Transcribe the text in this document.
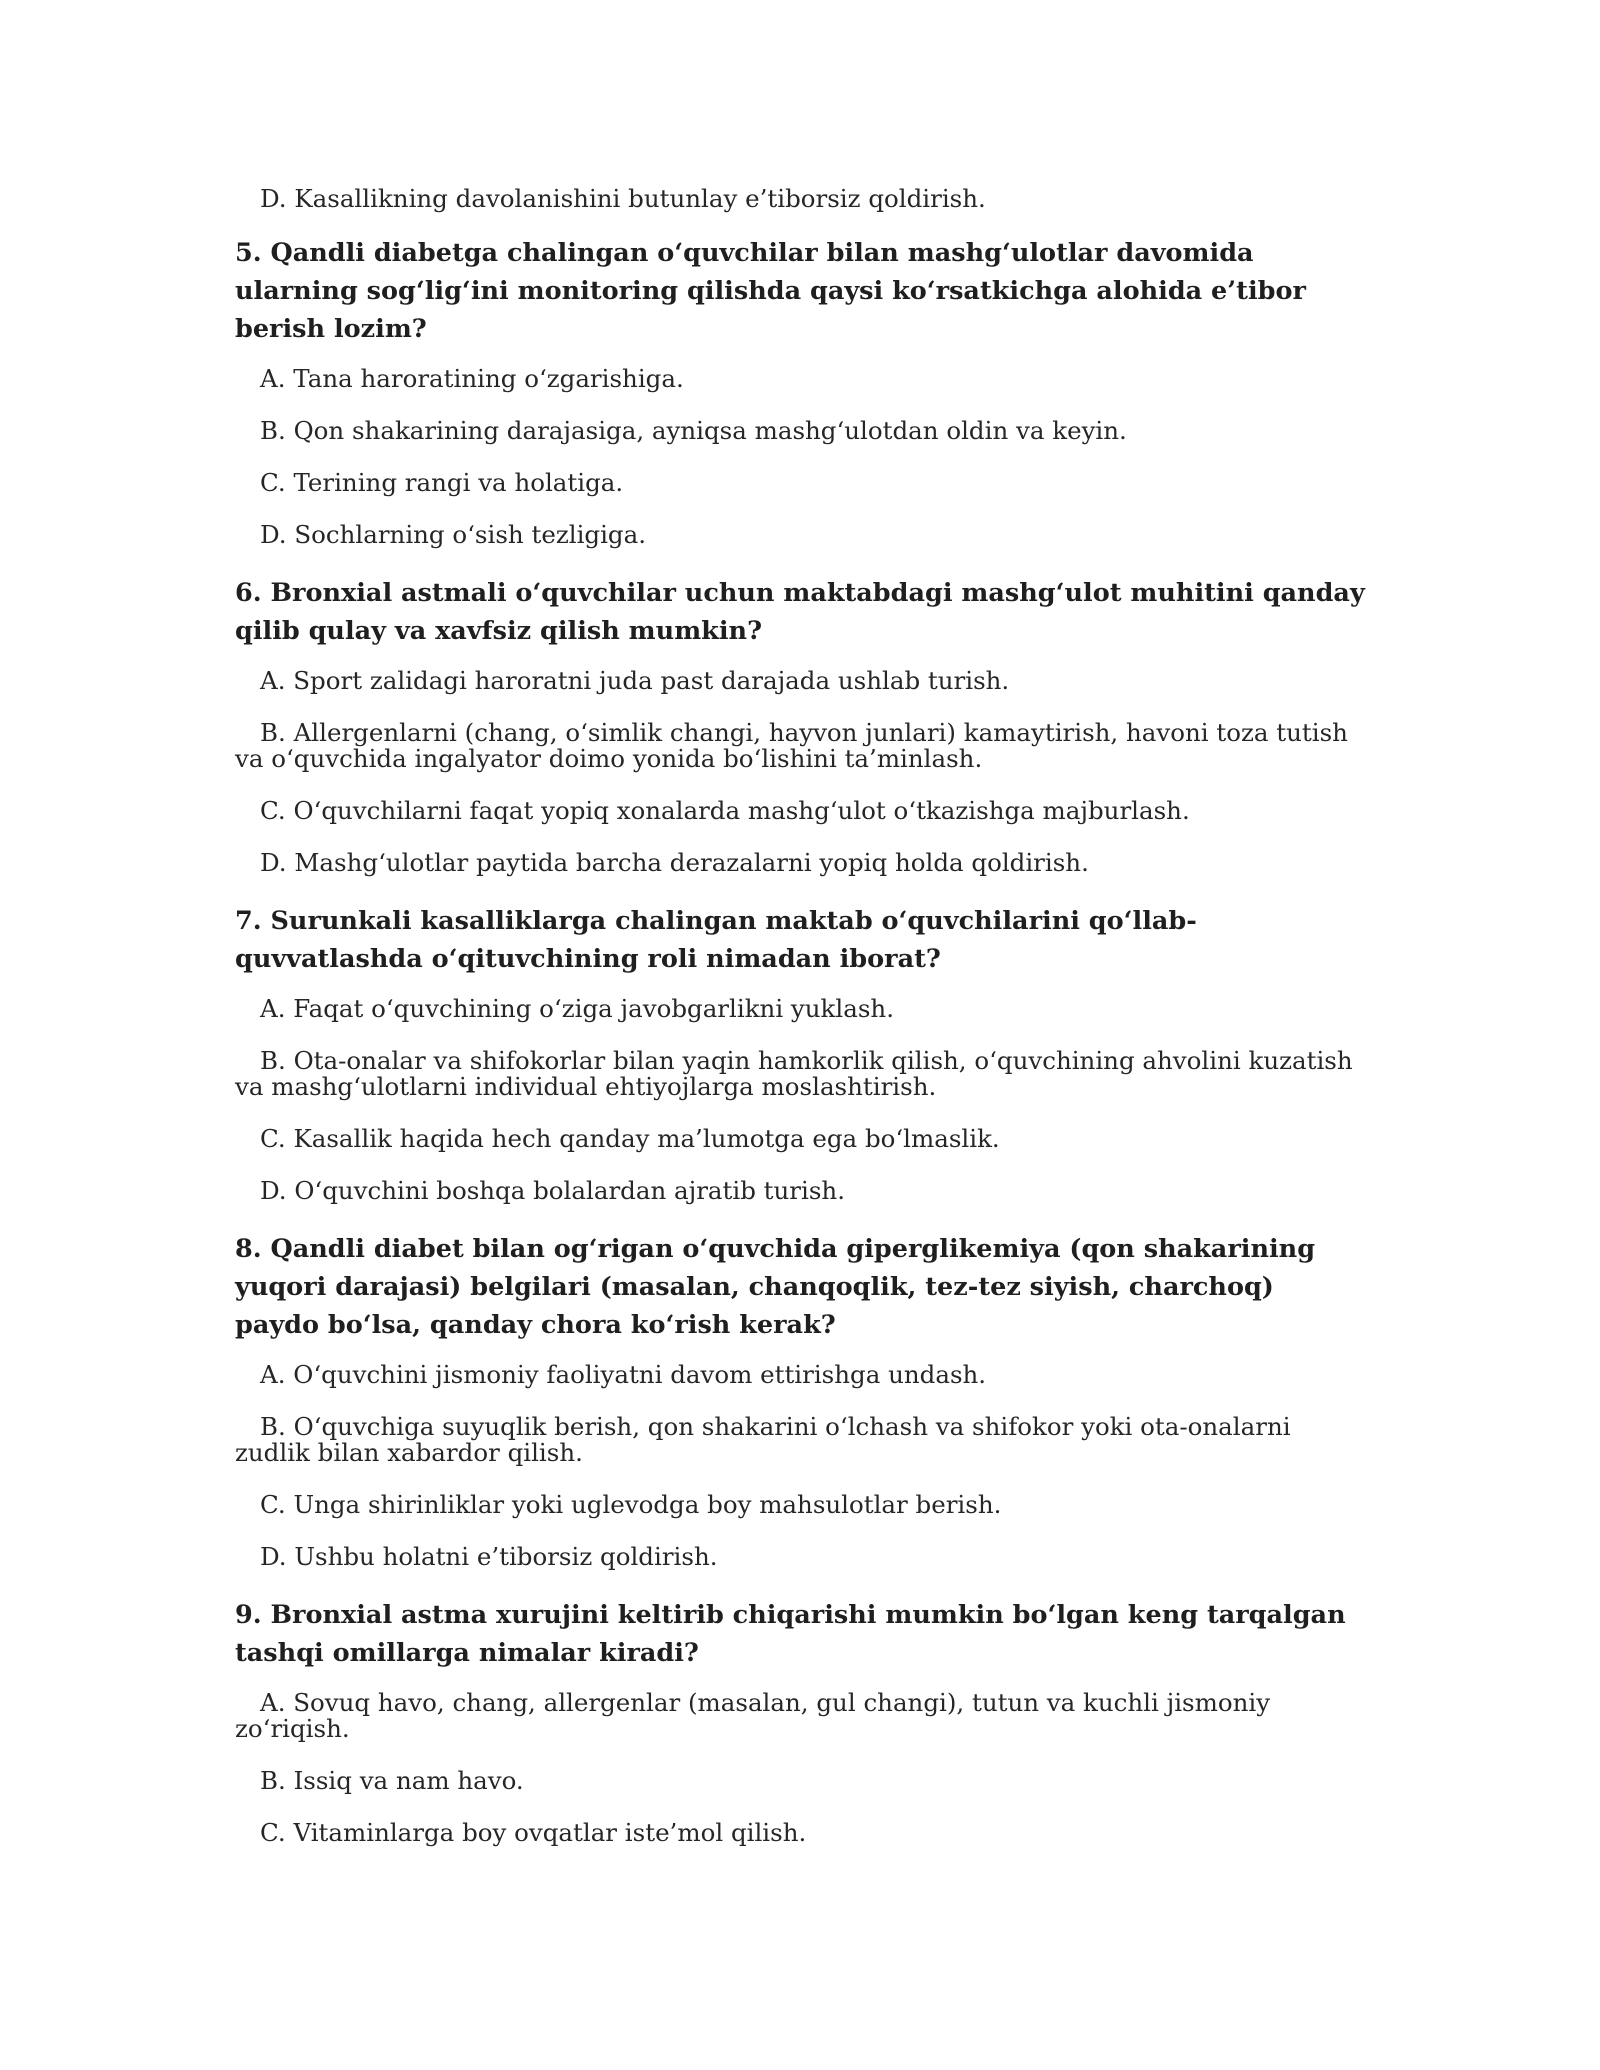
D. Kasallikning davolanishini butunlay e’tiborsiz qoldirish.
5. Qandli diabetga chalingan o‘quvchilar bilan mashg‘ulotlar davomida ularning sog‘lig‘ini monitoring qilishda qaysi ko‘rsatkichga alohida e’tibor berish lozim?
A. Tana haroratining o‘zgarishiga.
B. Qon shakarining darajasiga, ayniqsa mashg‘ulotdan oldin va keyin.
C. Terining rangi va holatiga.
D. Sochlarning o‘sish tezligiga.
6. Bronxial astmali o‘quvchilar uchun maktabdagi mashg‘ulot muhitini qanday qilib qulay va xavfsiz qilish mumkin?
A. Sport zalidagi haroratni juda past darajada ushlab turish.
B. Allergenlarni (chang, o‘simlik changi, hayvon junlari) kamaytirish, havoni toza tutish va o‘quvchida ingalyator doimo yonida bo‘lishini ta’minlash.
C. O‘quvchilarni faqat yopiq xonalarda mashg‘ulot o‘tkazishga majburlash.
D. Mashg‘ulotlar paytida barcha derazalarni yopiq holda qoldirish.
7. Surunkali kasalliklarga chalingan maktab o‘quvchilarini qo‘llab-quvvatlashda o‘qituvchining roli nimadan iborat?
A. Faqat o‘quvchining o‘ziga javobgarlikni yuklash.
B. Ota-onalar va shifokorlar bilan yaqin hamkorlik qilish, o‘quvchining ahvolini kuzatish va mashg‘ulotlarni individual ehtiyojlarga moslashtirish.
C. Kasallik haqida hech qanday ma’lumotga ega bo‘lmaslik.
D. O‘quvchini boshqa bolalardan ajratib turish.
8. Qandli diabet bilan og‘rigan o‘quvchida giperglikemiya (qon shakarining yuqori darajasi) belgilari (masalan, chanqoqlik, tez-tez siyish, charchoq) paydo bo‘lsa, qanday chora ko‘rish kerak?
A. O‘quvchini jismoniy faoliyatni davom ettirishga undash.
B. O‘quvchiga suyuqlik berish, qon shakarini o‘lchash va shifokor yoki ota-onalarni zudlik bilan xabardor qilish.
C. Unga shirinliklar yoki uglevodga boy mahsulotlar berish.
D. Ushbu holatni e’tiborsiz qoldirish.
9. Bronxial astma xurujini keltirib chiqarishi mumkin bo‘lgan keng tarqalgan tashqi omillarga nimalar kiradi?
A. Sovuq havo, chang, allergenlar (masalan, gul changi), tutun va kuchli jismoniy zo‘riqish.
B. Issiq va nam havo.
C. Vitaminlarga boy ovqatlar iste’mol qilish.
